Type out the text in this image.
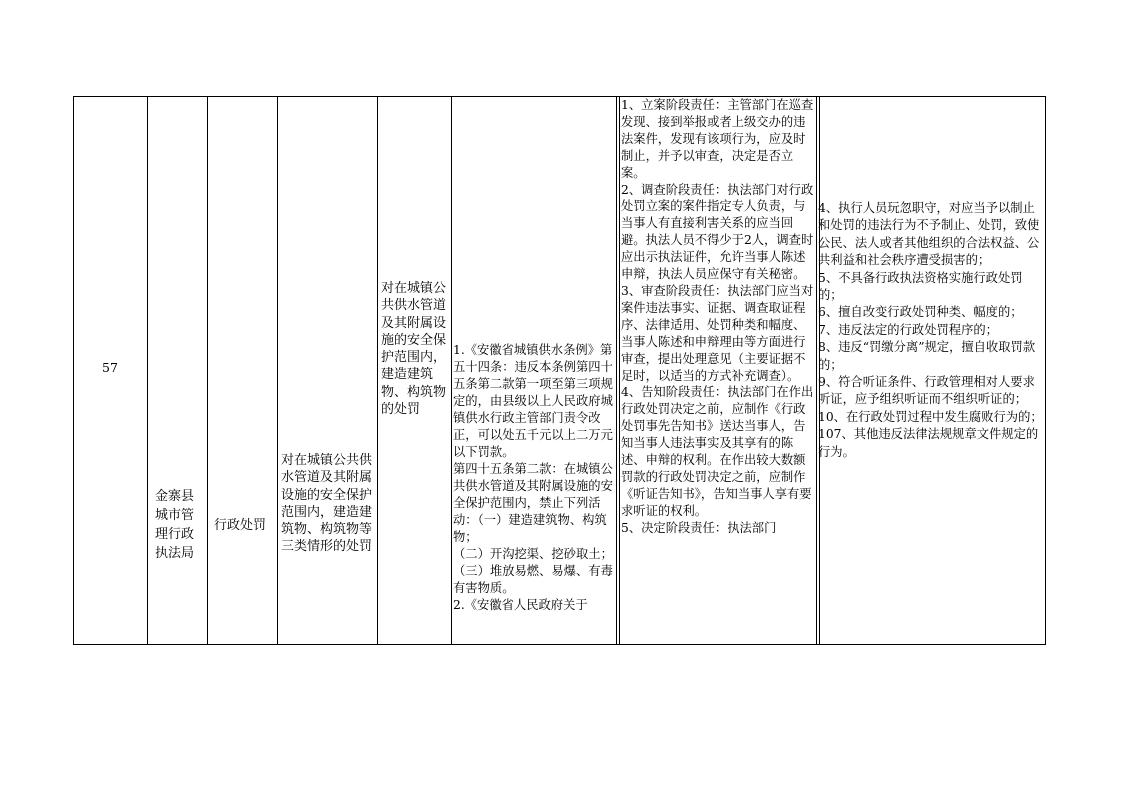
57
金寨县城市管理行政执法局
行政处罚
对在城镇公共供水管道及其附属设施的安全保护范围内，建造建筑物、构筑物等三类情形的处罚
对在城镇公共供水管道及其附属设施的安全保护范围内，建造建筑物、构筑物的处罚
1.《安徽省城镇供水条例》第五十四条：违反本条例第四十五条第二款第一项至第三项规定的，由县级以上人民政府城镇供水行政主管部门责令改正，可以处五千元以上二万元以下罚款。
第四十五条第二款：在城镇公共供水管道及其附属设施的安全保护范围内，禁止下列活动：（一）建造建筑物、构筑物；
（二）开沟挖渠、挖砂取土；（三）堆放易燃、易爆、有毒有害物质。
2.《安徽省人民政府关于
1、立案阶段责任：主管部门在巡查发现、接到举报或者上级交办的违法案件，发现有该项行为，应及时制止，并予以审查，决定是否立案。
2、调查阶段责任：执法部门对行政处罚立案的案件指定专人负责，与当事人有直接利害关系的应当回避。执法人员不得少于2人，调查时应出示执法证件，允许当事人陈述申辩，执法人员应保守有关秘密。
3、审查阶段责任：执法部门应当对案件违法事实、证据、调查取证程序、法律适用、处罚种类和幅度、当事人陈述和申辩理由等方面进行审查，提出处理意见（主要证据不足时，以适当的方式补充调查）。
4、告知阶段责任：执法部门在作出行政处罚决定之前，应制作《行政处罚事先告知书》送达当事人，告知当事人违法事实及其享有的陈述、申辩的权利。在作出较大数额罚款的行政处罚决定之前，应制作《听证告知书》，告知当事人享有要求听证的权利。
5、决定阶段责任：执法部门
4、执行人员玩忽职守，对应当予以制止和处罚的违法行为不予制止、处罚，致使公民、法人或者其他组织的合法权益、公共利益和社会秩序遭受损害的；
5、不具备行政执法资格实施行政处罚的；
6、擅自改变行政处罚种类、幅度的；
7、违反法定的行政处罚程序的；
8、违反“罚缴分离”规定，擅自收取罚款的；
9、符合听证条件、行政管理相对人要求听证，应予组织听证而不组织听证的；
10、在行政处罚过程中发生腐败行为的；
107、其他违反法律法规规章文件规定的行为。
